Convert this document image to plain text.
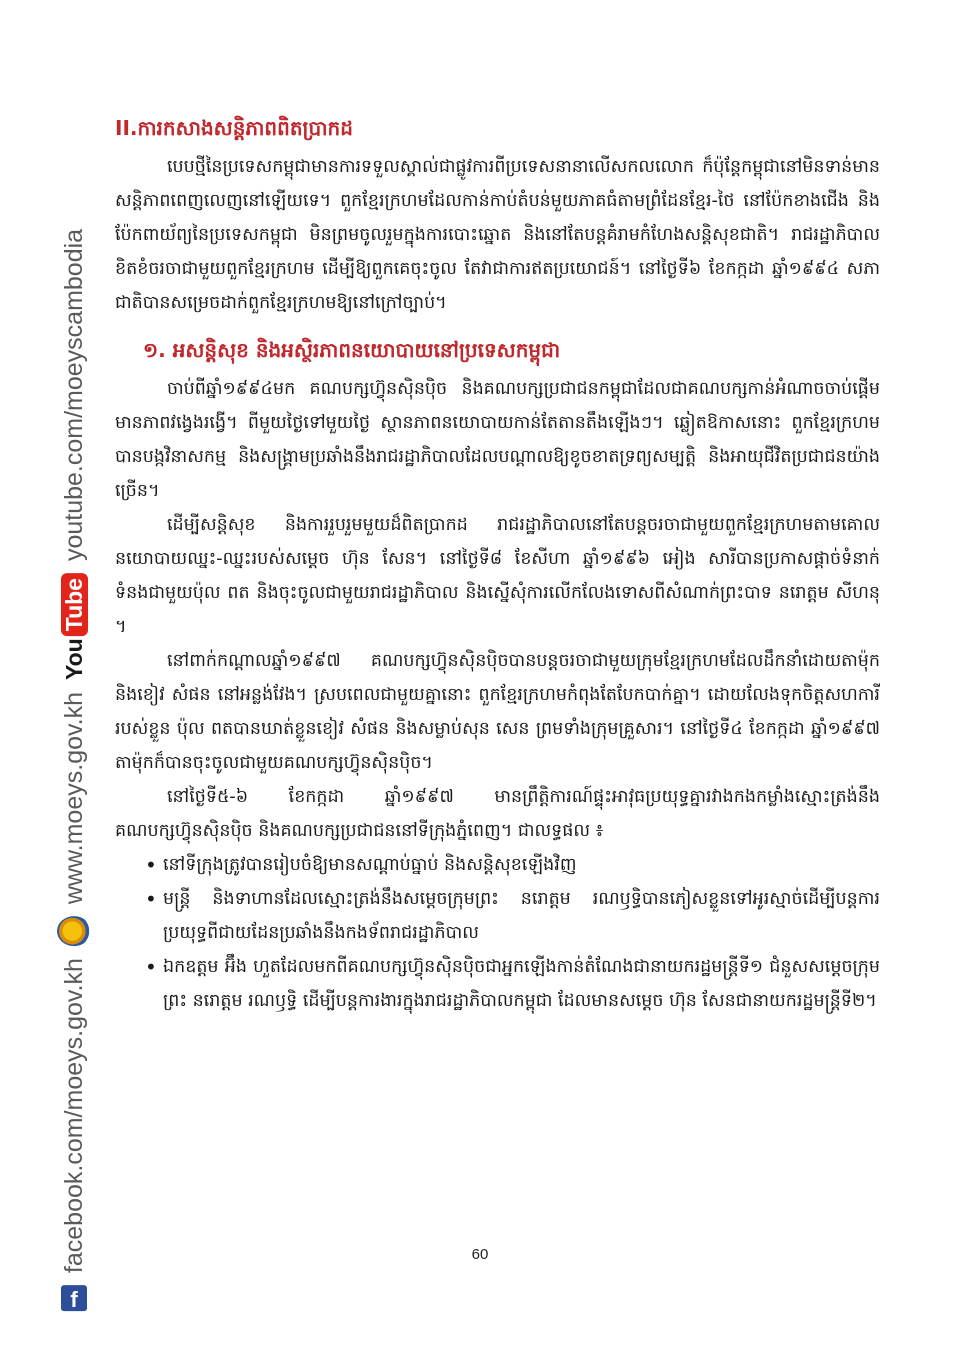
f
facebook.com/moeys.gov.kh
www.moeys.gov.kh
You
Tube
youtube.com/moeyscambodia
II.ការកសាងសន្តិភាពពិតប្រាកដ

បេបថ្មីនៃប្រទេសកម្ពុជាមានការទទួលស្គាល់ជាផ្លូវការពីប្រទេសនានាលើសកលលោក ក៏ប៉ុន្តែកម្ពុជានៅមិនទាន់មានសន្តិភាពពេញលេញនៅឡើយទេ។ ពួកខ្មែរក្រហមដែលកាន់កាប់តំបន់មួយភាគធំតាមព្រំដែនខ្មែរ-ថៃ នៅប៉ែកខាងជើង និងប៉ែកពាយ័ព្យនៃប្រទេសកម្ពុជា មិនព្រមចូលរួមក្នុងការបោះឆ្នោត និងនៅតែបន្តគំរាមកំហែងសន្តិសុខជាតិ។ រាជរដ្ឋាភិបាលខិតខំចរចាជាមួយពួកខ្មែរក្រហម ដើម្បីឱ្យពួកគេចុះចូល តែវាជាការឥតប្រយោជន៍។ នៅថ្ងៃទី៦ ខែកក្កដា ឆ្នាំ១៩៩៤ សភាជាតិបានសម្រេចដាក់ពួកខ្មែរក្រហមឱ្យនៅក្រៅច្បាប់។

១. អសន្តិសុខ និងអស្ថិរភាពនយោបាយនៅប្រទេសកម្ពុជា

ចាប់ពីឆ្នាំ១៩៩៤មក គណបក្សហ៊្វុនស៊ិនប៉ិច និងគណបក្សប្រជាជនកម្ពុជាដែលជាគណបក្សកាន់អំណាចចាប់ផ្ដើមមានភាពវង្វេងរង្វើ។ ពីមួយថ្ងៃទៅមួយថ្ងៃ ស្ថានភាពនយោបាយកាន់តែតានតឹងឡើងៗ។ ឆ្លៀតឱកាសនោះ ពួកខ្មែរក្រហមបានបង្កវិនាសកម្ម និងសង្គ្រាមប្រឆាំងនឹងរាជរដ្ឋាភិបាលដែលបណ្ដាលឱ្យខូចខាតទ្រព្យសម្បត្តិ និងអាយុជីវិតប្រជាជនយ៉ាងច្រើន។

ដើម្បីសន្តិសុខ និងការរួបរួមមួយដ៏ពិតប្រាកដ រាជរដ្ឋាភិបាលនៅតែបន្តចរចាជាមួយពួកខ្មែរក្រហមតាមគោលនយោបាយឈ្នះ-ឈ្នះរបស់សម្ដេច ហ៊ុន សែន។ នៅថ្ងៃទី៨ ខែសីហា ឆ្នាំ១៩៩៦ អៀង សារីបានប្រកាសផ្ដាច់ទំនាក់ទំនងជាមួយប៉ុល ពត និងចុះចូលជាមួយរាជរដ្ឋាភិបាល និងស្នើសុំការលើកលែងទោសពីសំណាក់ព្រះបាទ នរោត្ដម សីហនុ ។

នៅពាក់កណ្ដាលឆ្នាំ១៩៩៧ គណបក្សហ៊្វុនស៊ិនប៉ិចបានបន្តចរចាជាមួយក្រុមខ្មែរក្រហមដែលដឹកនាំដោយតាម៉ុក និងខៀវ សំផន នៅអន្លង់វែង។ ស្របពេលជាមួយគ្នានោះ ពួកខ្មែរក្រហមកំពុងតែបែកបាក់គ្នា។ ដោយលែងទុកចិត្តសហការីរបស់ខ្លួន ប៉ុល ពតបានឃាត់ខ្លួនខៀវ សំផន និងសម្លាប់សុន សេន ព្រមទាំងក្រុមគ្រួសារ។ នៅថ្ងៃទី៤ ខែកក្កដា ឆ្នាំ១៩៩៧ តាម៉ុកក៏បានចុះចូលជាមួយគណបក្សហ៊្វុនស៊ិនប៉ិច។

នៅថ្ងៃទី៥-៦ ខែកក្កដា ឆ្នាំ១៩៩៧ មានព្រឹត្តិការណ៍ផ្ទុះអាវុធប្រយុទ្ធគ្នារវាងកងកម្លាំងស្មោះត្រង់នឹងគណបក្សហ៊្វុនស៊ិនប៉ិច និងគណបក្សប្រជាជននៅទីក្រុងភ្នំពេញ។ ជាលទ្ធផល ៖

• នៅទីក្រុងត្រូវបានរៀបចំឱ្យមានសណ្ដាប់ធ្នាប់ និងសន្តិសុខឡើងវិញ
• មន្ត្រី និងទាហានដែលស្មោះត្រង់នឹងសម្ដេចក្រុមព្រះ នរោត្ដម រណឫទ្ធិបានភៀសខ្លួនទៅអូរស្មាច់ដើម្បីបន្តការប្រយុទ្ធពីជាយដែនប្រឆាំងនឹងកងទ័ពរាជរដ្ឋាភិបាល
• ឯកឧត្តម អ៊ឹង ហួតដែលមកពីគណបក្សហ៊្វុនស៊ិនប៉ិចជាអ្នកឡើងកាន់តំណែងជានាយករដ្ឋមន្ត្រីទី១ ជំនួសសម្ដេចក្រុមព្រះ នរោត្ដម រណឫទ្ធិ ដើម្បីបន្តការងារក្នុងរាជរដ្ឋាភិបាលកម្ពុជា ដែលមានសម្ដេច ហ៊ុន សែនជានាយករដ្ឋមន្ត្រីទី២។
60
